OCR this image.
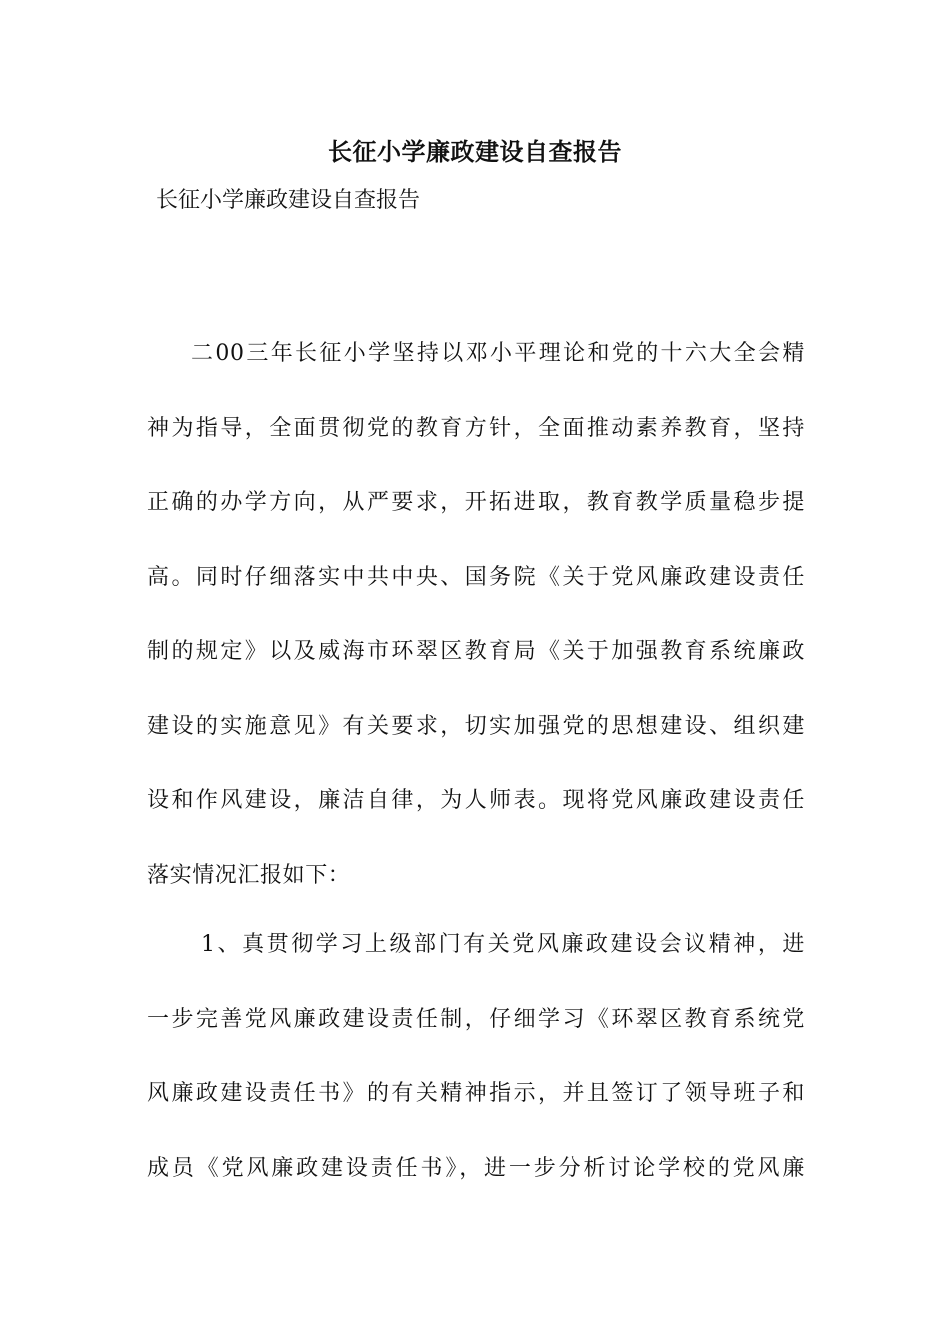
长征小学廉政建设自查报告
长征小学廉政建设自查报告
二00三年长征小学坚持以邓小平理论和党的十六大全会精
神为指导，全面贯彻党的教育方针，全面推动素养教育，坚持
正确的办学方向，从严要求，开拓进取，教育教学质量稳步提
高。同时仔细落实中共中央、国务院《关于党风廉政建设责任
制的规定》以及威海市环翠区教育局《关于加强教育系统廉政
建设的实施意见》有关要求，切实加强党的思想建设、组织建
设和作风建设，廉洁自律，为人师表。现将党风廉政建设责任
落实情况汇报如下：
1、真贯彻学习上级部门有关党风廉政建设会议精神，进
一步完善党风廉政建设责任制，仔细学习《环翠区教育系统党
风廉政建设责任书》的有关精神指示，并且签订了领导班子和
成员《党风廉政建设责任书》，进一步分析讨论学校的党风廉
